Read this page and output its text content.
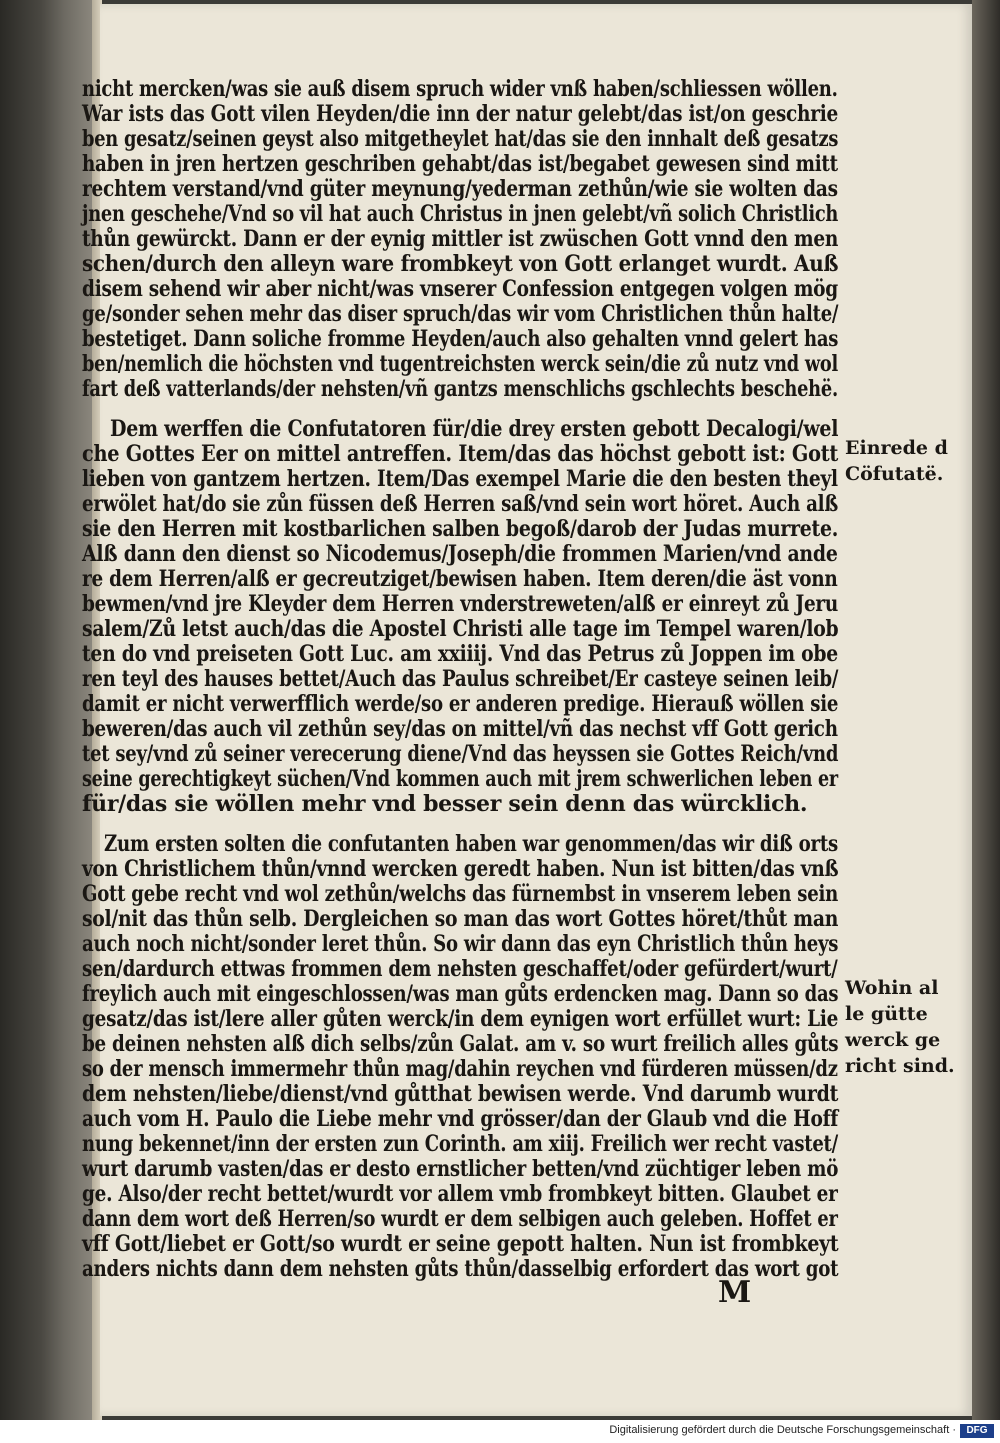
nicht mercken/was sie auß disem spruch wider vnß haben/schliessen wöllen.

War ists das Gott vilen Heyden/die inn der natur gelebt/das ist/on geschrie

ben gesatz/seinen geyst also mitgetheylet hat/das sie den innhalt deß gesatzs

haben in jren hertzen geschriben gehabt/das ist/begabet gewesen sind mitt

rechtem verstand/vnd güter meynung/yederman zethůn/wie sie wolten das

jnen geschehe/Vnd so vil hat auch Christus in jnen gelebt/vñ solich Christlich

thůn gewürckt. Dann er der eynig mittler ist zwüschen Gott vnnd den men

schen/durch den alleyn ware frombkeyt von Gott erlanget wurdt. Auß

disem sehend wir aber nicht/was vnserer Confession entgegen volgen mög

ge/sonder sehen mehr das diser spruch/das wir vom Christlichen thůn halte/

bestetiget. Dann soliche fromme Heyden/auch also gehalten vnnd gelert has

ben/nemlich die höchsten vnd tugentreichsten werck sein/die zů nutz vnd wol

fart deß vatterlands/der nehsten/vñ gantzs menschlichs gschlechts beschehë.

Dem werffen die Confutatoren für/die drey ersten gebott Decalogi/wel

che Gottes Eer on mittel antreffen. Item/das das höchst gebott ist: Gott

lieben von gantzem hertzen. Item/Das exempel Marie die den besten theyl

erwölet hat/do sie zůn füssen deß Herren saß/vnd sein wort höret. Auch alß

sie den Herren mit kostbarlichen salben begoß/darob der Judas murrete.

Alß dann den dienst so Nicodemus/Joseph/die frommen Marien/vnd ande

re dem Herren/alß er gecreutziget/bewisen haben. Item deren/die äst vonn

bewmen/vnd jre Kleyder dem Herren vnderstreweten/alß er einreyt zů Jeru

salem/Zů letst auch/das die Apostel Christi alle tage im Tempel waren/lob

ten do vnd preiseten Gott Luc. am xxiiij. Vnd das Petrus zů Joppen im obe

ren teyl des hauses bettet/Auch das Paulus schreibet/Er casteye seinen leib/

damit er nicht verwerfflich werde/so er anderen predige. Hierauß wöllen sie

beweren/das auch vil zethůn sey/das on mittel/vñ das nechst vff Gott gerich

tet sey/vnd zů seiner verecerung diene/Vnd das heyssen sie Gottes Reich/vnd

seine gerechtigkeyt süchen/Vnd kommen auch mit jrem schwerlichen leben er

für/das sie wöllen mehr vnd besser sein denn das würcklich.

Zum ersten solten die confutanten haben war genommen/das wir diß orts

von Christlichem thůn/vnnd wercken geredt haben. Nun ist bitten/das vnß

Gott gebe recht vnd wol zethůn/welchs das fürnembst in vnserem leben sein

sol/nit das thůn selb. Dergleichen so man das wort Gottes höret/thůt man

auch noch nicht/sonder leret thůn. So wir dann das eyn Christlich thůn heys

sen/dardurch ettwas frommen dem nehsten geschaffet/oder gefürdert/wurt/

freylich auch mit eingeschlossen/was man gůts erdencken mag. Dann so das

gesatz/das ist/lere aller gůten werck/in dem eynigen wort erfüllet wurt: Lie

be deinen nehsten alß dich selbs/zůn Galat. am v. so wurt freilich alles gůts

so der mensch immermehr thůn mag/dahin reychen vnd fürderen müssen/dz

dem nehsten/liebe/dienst/vnd gůtthat bewisen werde. Vnd darumb wurdt

auch vom H. Paulo die Liebe mehr vnd grösser/dan der Glaub vnd die Hoff

nung bekennet/inn der ersten zun Corinth. am xiij. Freilich wer recht vastet/

wurt darumb vasten/das er desto ernstlicher betten/vnd züchtiger leben mö

ge. Also/der recht bettet/wurdt vor allem vmb frombkeyt bitten. Glaubet er

dann dem wort deß Herren/so wurdt er dem selbigen auch geleben. Hoffet er

vff Gott/liebet er Gott/so wurdt er seine gepott halten. Nun ist frombkeyt

anders nichts dann dem nehsten gůts thůn/dasselbig erfordert das wort got

Einrede d

Cöfutatë.

Wohin al

le gütte

werck ge

richt sind.

M
Digitalisierung gefördert durch die Deutsche Forschungsgemeinschaft ·	DFG
